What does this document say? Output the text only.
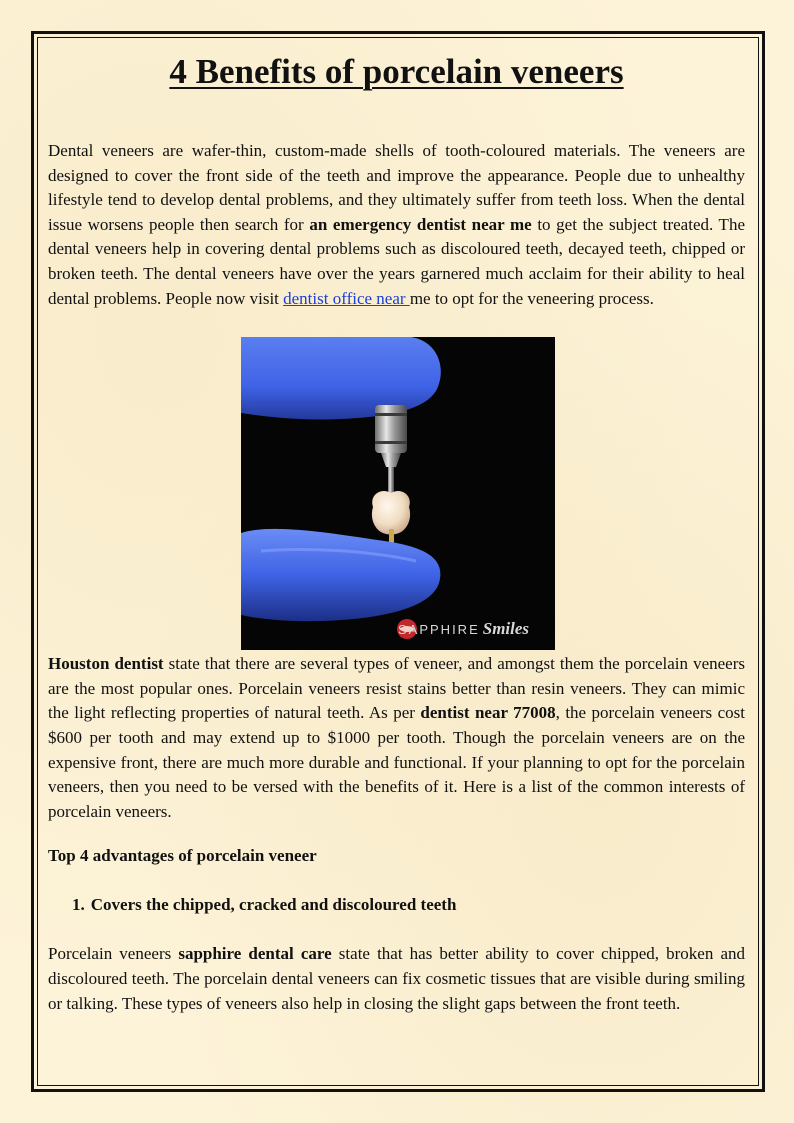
4 Benefits of porcelain veneers

Dental veneers are wafer-thin, custom-made shells of tooth-coloured materials. The veneers are designed to cover the front side of the teeth and improve the appearance. People due to unhealthy lifestyle tend to develop dental problems, and they ultimately suffer from teeth loss. When the dental issue worsens people then search for an emergency dentist near me to get the subject treated. The dental veneers help in covering dental problems such as discoloured teeth, decayed teeth, chipped or broken teeth. The dental veneers have over the years garnered much acclaim for their ability to heal dental problems. People now visit dentist office near me to opt for the veneering process.

SAPPHIRE Smiles

Houston dentist state that there are several types of veneer, and amongst them the porcelain veneers are the most popular ones. Porcelain veneers resist stains better than resin veneers. They can mimic the light reflecting properties of natural teeth. As per dentist near 77008, the porcelain veneers cost $600 per tooth and may extend up to $1000 per tooth. Though the porcelain veneers are on the expensive front, there are much more durable and functional. If your planning to opt for the porcelain veneers, then you need to be versed with the benefits of it. Here is a list of the common interests of porcelain veneers.

Top 4 advantages of porcelain veneer
1. Covers the chipped, cracked and discoloured teeth

Porcelain veneers sapphire dental care state that has better ability to cover chipped, broken and discoloured teeth. The porcelain dental veneers can fix cosmetic tissues that are visible during smiling or talking. These types of veneers also help in closing the slight gaps between the front teeth.
